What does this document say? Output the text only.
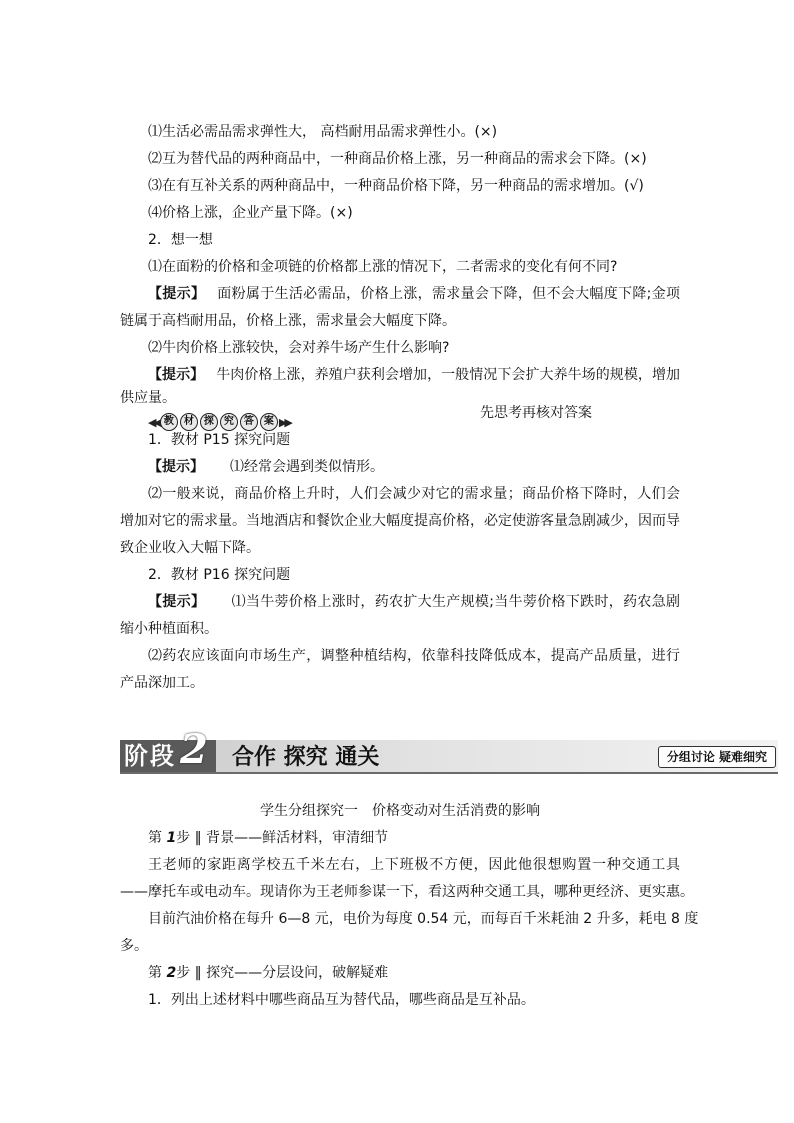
⑴生活必需品需求弹性大， 高档耐用品需求弹性小。(×)
⑵互为替代品的两种商品中，一种商品价格上涨，另一种商品的需求会下降。(×)
⑶在有互补关系的两种商品中，一种商品价格下降，另一种商品的需求增加。(√)
⑷价格上涨，企业产量下降。(×)
2．想一想
⑴在面粉的价格和金项链的价格都上涨的情况下，二者需求的变化有何不同?
【提示】 面粉属于生活必需品，价格上涨，需求量会下降，但不会大幅度下降;金项
链属于高档耐用品，价格上涨，需求量会大幅度下降。
⑵牛肉价格上涨较快，会对养牛场产生什么影响?
【提示】 牛肉价格上涨，养殖户获利会增加，一般情况下会扩大养牛场的规模，增加
供应量。
◀◀ 教	材	探	究	答	案 ▶▶
先思考再核对答案
1．教材 P15 探究问题
【提示】 ⑴经常会遇到类似情形。
⑵一般来说，商品价格上升时，人们会减少对它的需求量；商品价格下降时，人们会
增加对它的需求量。当地酒店和餐饮企业大幅度提高价格，必定使游客量急剧减少，因而导
致企业收入大幅下降。
2．教材 P16 探究问题
【提示】 ⑴当牛蒡价格上涨时，药农扩大生产规模;当牛蒡价格下跌时，药农急剧
缩小种植面积。
⑵药农应该面向市场生产，调整种植结构，依靠科技降低成本，提高产品质量，进行
产品深加工。
阶段 2 合作 探究 通关	分组讨论 疑难细究
学生分组探究一　价格变动对生活消费的影响
第 1步 ‖ 背景——鲜活材料，审清细节
王老师的家距离学校五千米左右，上下班极不方便，因此他很想购置一种交通工具
——摩托车或电动车。现请你为王老师参谋一下，看这两种交通工具，哪种更经济、更实惠。
目前汽油价格在每升 6—8 元，电价为每度 0.54 元，而每百千米耗油 2 升多，耗电 8 度
多。
第 2步 ‖ 探究——分层设问，破解疑难
1．列出上述材料中哪些商品互为替代品，哪些商品是互补品。
